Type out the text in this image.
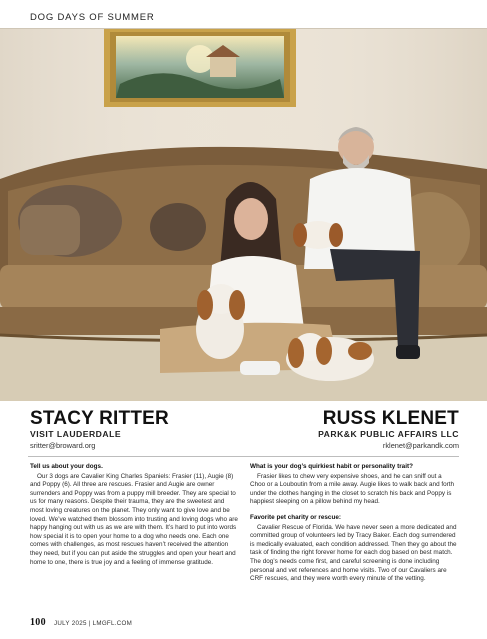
DOG DAYS OF SUMMER
STACY RITTER
VISIT LAUDERDALE
sritter@broward.org
RUSS KLENET
PARK&K PUBLIC AFFAIRS LLC
rklenet@parkandk.com

Tell us about your dogs.

Our 3 dogs are Cavalier King Charles Spaniels: Frasier (11), Augie (8) and Poppy (6). All three are rescues. Frasier and Augie are owner surrenders and Poppy was from a puppy mill breeder. They are special to us for many reasons. Despite their trauma, they are the sweetest and most loving creatures on the planet. They only want to give love and be loved. We’ve watched them blossom into trusting and loving dogs who are happy hanging out with us as we are with them. It’s hard to put into words how special it is to open your home to a dog who needs one. Each one comes with challenges, as most rescues haven’t received the attention they need, but if you can put aside the struggles and open your heart and home to one, there is true joy and a feeling of immense gratitude.

What is your dog’s quirkiest habit or personality trait?

Frasier likes to chew very expensive shoes, and he can sniff out a Choo or a Louboutin from a mile away. Augie likes to walk back and forth under the clothes hanging in the closet to scratch his back and Poppy is happiest sleeping on a pillow behind my head.

Favorite pet charity or rescue:

Cavalier Rescue of Florida. We have never seen a more dedicated and committed group of volunteers led by Tracy Baker. Each dog surrendered is medically evaluated, each condition addressed. Then they go about the task of finding the right forever home for each dog based on best match. The dog’s needs come first, and careful screening is done including personal and vet references and home visits. Two of our Cavaliers are CRF rescues, and they were worth every minute of the vetting.

100 JULY 2025 | LMGFL.COM
